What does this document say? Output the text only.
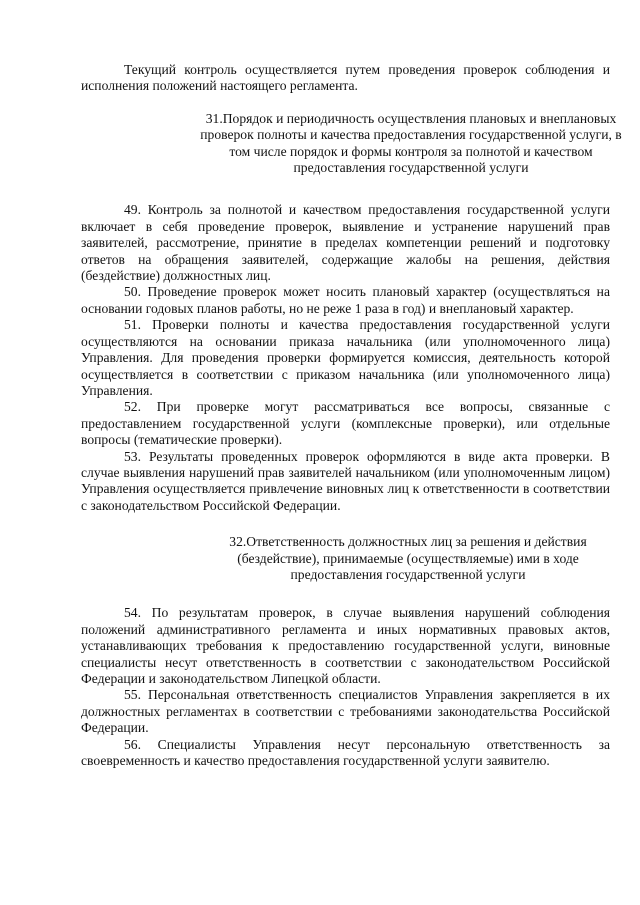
Текущий контроль осуществляется путем проведения проверок соблюдения и исполнения положений настоящего регламента.

31.Порядок и периодичность осуществления плановых и внеплановых проверок полноты и качества предоставления государственной услуги, в том числе порядок и формы контроля за полнотой и качеством предоставления государственной услуги

49. Контроль за полнотой и качеством предоставления государственной услуги включает в себя проведение проверок, выявление и устранение нарушений прав заявителей, рассмотрение, принятие в пределах компетенции решений и подготовку ответов на обращения заявителей, содержащие жалобы на решения, действия (бездействие) должностных лиц.

50. Проведение проверок может носить плановый характер (осуществляться на основании годовых планов работы, но не реже 1 раза в год) и внеплановый характер.

51. Проверки полноты и качества предоставления государственной услуги осуществляются на основании приказа начальника (или уполномоченного лица) Управления. Для проведения проверки формируется комиссия, деятельность которой осуществляется в соответствии с приказом начальника (или уполномоченного лица) Управления.

52. При проверке могут рассматриваться все вопросы, связанные с предоставлением государственной услуги (комплексные проверки), или отдельные вопросы (тематические проверки).

53. Результаты проведенных проверок оформляются в виде акта проверки. В случае выявления нарушений прав заявителей начальником (или уполномоченным лицом) Управления осуществляется привлечение виновных лиц к ответственности в соответствии с законодательством Российской Федерации.

32.Ответственность должностных лиц за решения и действия (бездействие), принимаемые (осуществляемые) ими в ходе предоставления государственной услуги

54. По результатам проверок, в случае выявления нарушений соблюдения положений административного регламента и иных нормативных правовых актов, устанавливающих требования к предоставлению государственной услуги, виновные специалисты несут ответственность в соответствии с законодательством Российской Федерации и законодательством Липецкой области.

55. Персональная ответственность специалистов Управления закрепляется в их должностных регламентах в соответствии с требованиями законодательства Российской Федерации.

56. Специалисты Управления несут персональную ответственность за своевременность и качество предоставления государственной услуги заявителю.
